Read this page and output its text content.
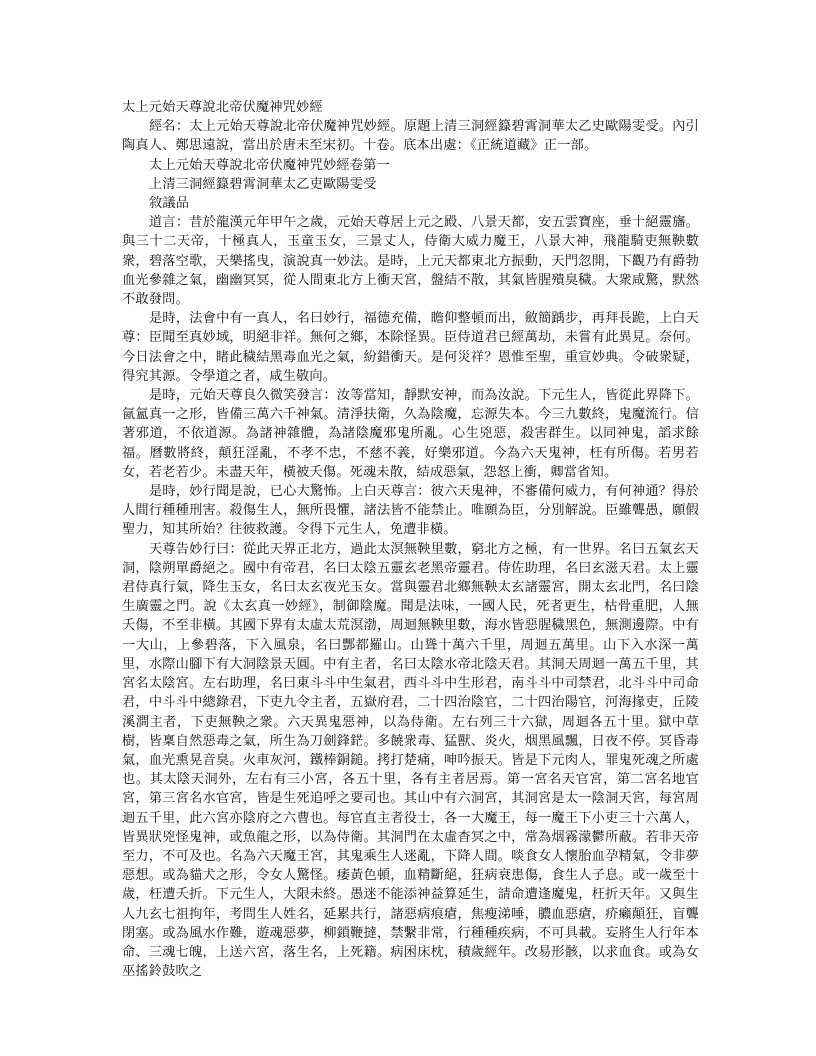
太上元始天尊說北帝伏魔神咒妙經

經名：太上元始天尊說北帝伏魔神咒妙經。原題上清三洞經籙碧霄洞華太乙史歐陽雯受。內引陶真人、鄭思遠說，當出於唐末至宋初。十卷。底本出處：《正統道藏》正一部。

太上元始天尊說北帝伏魔神咒妙經卷第一

上清三洞經籙碧霄洞華太乙吏歐陽雯受

敘議品

道言：昔於龍漢元年甲午之歲，元始天尊居上元之殿、八景天都，安五雲寶座，垂十絕靈旛。與三十二天帝，十極真人，玉童玉女，三景丈人，侍衛大威力魔王，八景大神，飛龍騎吏無鞅數衆，碧落空歌，天樂搖曳，演說真一妙法。是時，上元天都東北方振動，天門忽開，下觀乃有爵勃血光參雜之氣，幽幽冥冥，從人間東北方上衝天宮，盤結不散，其氣皆腥殨臭穢。大衆咸驚，默然不敢發問。

是時，法會中有一真人，名曰妙行，福德充備，瞻仰整頓而出，斂簡踽步，再拜長跪，上白天尊：臣聞至真妙域，明絕非祥。無何之鄉，本除怪異。臣侍道君已經萬劫，未嘗有此異見。奈何。今日法會之中，睹此穢結黑毒血光之氣，紛錯衝天。是何災祥？恩惟至聖，重宣妙典。令破衆疑，得究其源。令學道之者，咸生敬向。

是時，元始天尊良久微笑發言：汝等當知，靜默安神，而為汝說。下元生人，皆從此界降下。氤氳真一之形，皆備三萬六千神氣。清淨扶衛，久為陰魔，忘源失本。今三九數終，鬼魔流行。信著邪道，不依道源。為諸神雜體，為諸陰魔邪鬼所亂。心生兇惡，殺害群生。以同神鬼，謟求餘福。曆數將終，顛狂淫亂，不孝不忠，不慈不義，好樂邪道。今為六天鬼神，枉有所傷。若男若女，若老若少。未盡天年，橫被夭傷。死魂未散，結成惡氣，怨怒上衝，卿當省知。

是時，妙行聞是說，已心大驚怖。上白天尊言：彼六天鬼神，不審備何威力，有何神通？得於人間行種種刑害。殺傷生人，無所畏懼，諸法皆不能禁止。唯願為臣，分別解說。臣雖聾愚，願假聖力，知其所始？往彼救護。令得下元生人，免遭非橫。

天尊告妙行曰：從此天界正北方，過此太溟無鞅里數，窮北方之極，有一世界。名曰五氣玄天洞，陰朔單爵絕之。國中有帝君，名曰太陰五靈玄老黑帝靈君。侍佐助理，名曰玄滋天君。太上靈君侍真行氣，降生玉女，名曰太玄夜光玉女。當與靈君北鄉無鞅太玄諸靈宮，開太玄北門，名曰陰生廣靈之門。說《太玄真一妙經》，制御陰魔。聞是法味，一國人民，死者更生，枯骨重肥，人無夭傷，不至非橫。其國下界有太虛太荒溟渤，周迴無鞅里數，海水皆惡腥穢黑色，無測邊際。中有一大山，上參碧落，下入風泉，名曰酆都羅山。山聳十萬六千里，周迴五萬里。山下入水深一萬里，水際山腳下有大洞陰景天圓。中有主者，名曰太陰水帝北陰天君。其洞天周迴一萬五千里，其宮名太陰宮。左右助理，名曰東斗斗中生氣君，西斗斗中生形君，南斗斗中司禁君，北斗斗中司命君，中斗斗中總錄君，下吏九令主者，五嶽府君，二十四治陰官，二十四治陽官，河海掾吏，丘陵溪澗主者，下吏無鞅之衆。六天異鬼惡神，以為侍衛。左右列三十六獄，周迴各五十里。獄中草樹，皆稟自然惡毒之氣，所生為刀劍鋒鋩。多饒衆毒、猛獸、炎火，烟黑風飄，日夜不停。冥昏毒氣，血光熏晃音臭。火車灰河，鐵棒銅鎚。拷打楚痛，呻吟振天。皆是下元肉人，罪鬼死魂之所處也。其太陰天洞外，左右有三小宮，各五十里，各有主者居焉。第一宮名天官宮，第二宮名地官宮，第三宮名水官宮，皆是生死追呼之要司也。其山中有六洞宮，其洞宮是太一陰洞天宮，每宮周迴五千里，此六宮亦陰府之六曹也。每官直主者役士，各一大魔王，每一魔王下小吏三十六萬人，皆異狀兇怪鬼神，或魚龍之形，以為侍衛。其洞門在太虛杳冥之中，常為烟霧濛鬱所蔽。若非天帝至力，不可及也。名為六天魔王宮，其鬼乘生人迷亂，下降人間。啖食女人懷胎血孕精氣，令非夢惡想。或為貓犬之形，令女人驚怪。痿黃色頓，血精斷絕，狂病衰患傷，食生人子息。或一歲至十歲，枉遭夭折。下元生人，大限未終。愚迷不能添神益算延生，請命遭逢魔鬼，枉折天年。又與生人九玄七祖拘年，考問生人姓名，延累共行，諸惡病痕瘡，焦瘦涕唾，膿血惡瘡，疥癩顛狂，盲聾閉塞。或為風水作難，遊魂惡夢，柳鎖鞭撻，禁繫非常，行種種疾病，不可具載。妄將生人行年本命、三魂七魄，上送六宮，落生名，上死籍。病困床枕，積歲經年。改易形骸，以求血食。或為女巫搖鈴鼓吹之
